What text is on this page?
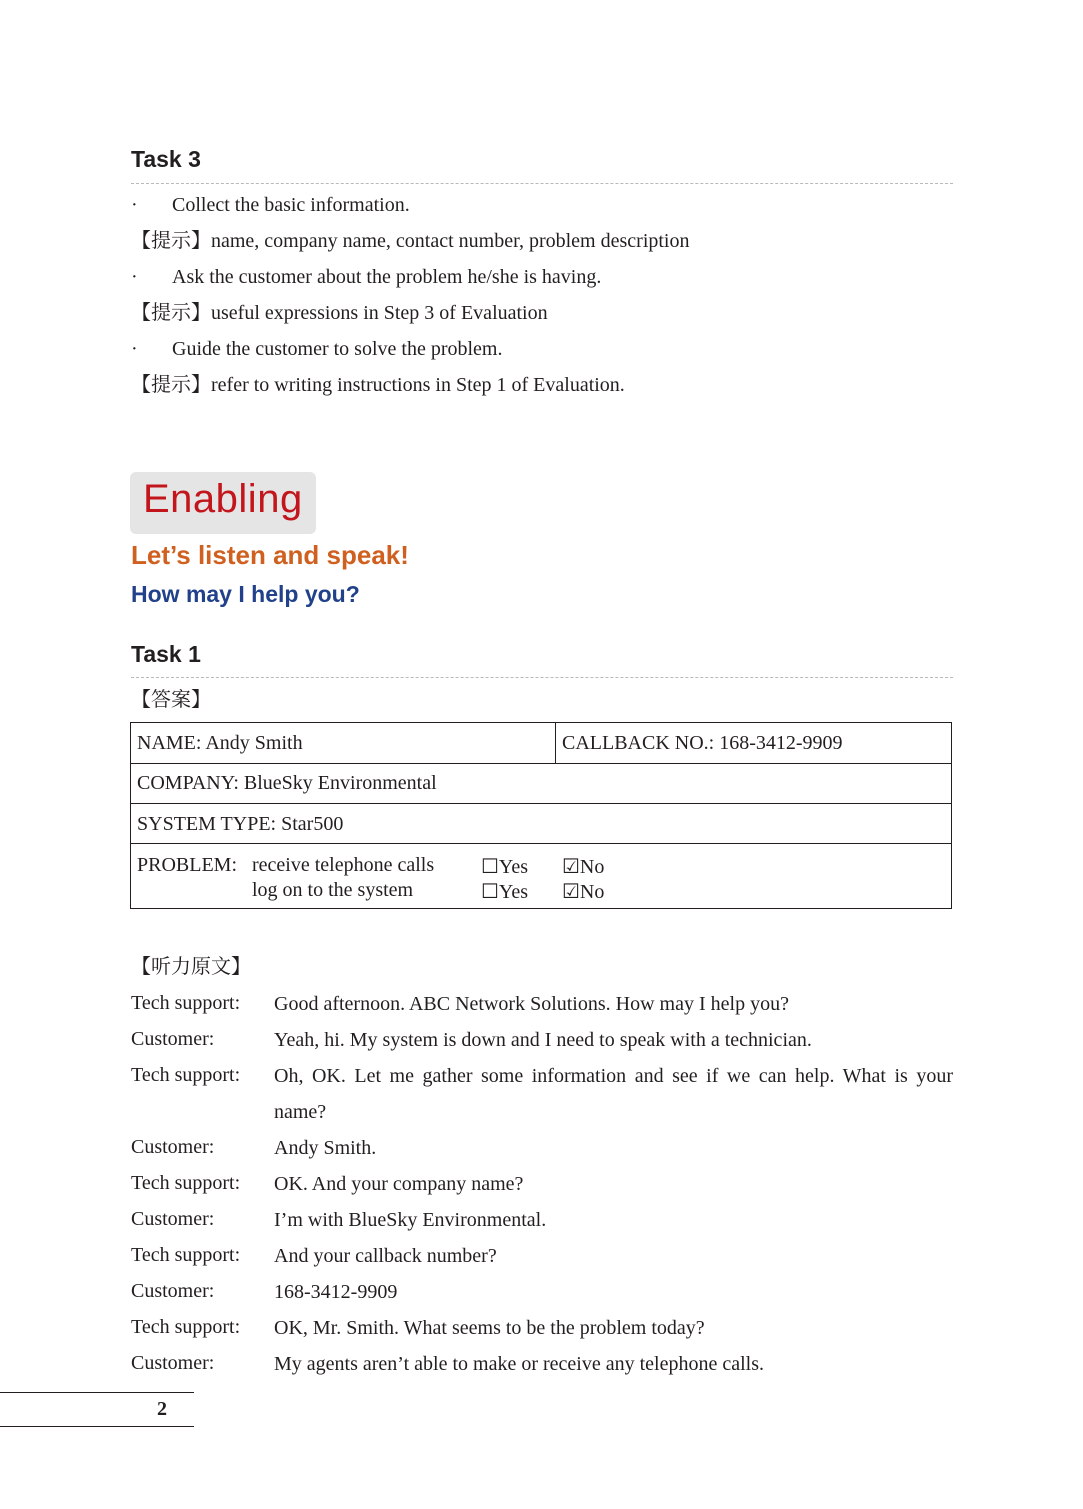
Task 3
· Collect the basic information.
【提示】name, company name, contact number, problem description
· Ask the customer about the problem he/she is having.
【提示】useful expressions in Step 3 of Evaluation
· Guide the customer to solve the problem.
【提示】refer to writing instructions in Step 1 of Evaluation.
Enabling
Let’s listen and speak!
How may I help you?
Task 1
【答案】
NAME: Andy Smith	CALLBACK NO.: 168-3412-9909
COMPANY: BlueSky Environmental
SYSTEM TYPE: Star500
PROBLEM: receive telephone calls ☐Yes ☑No
log on to the system	☐Yes ☑No
【听力原文】
Tech support: Good afternoon. ABC Network Solutions. How may I help you?
Customer:	Yeah, hi. My system is down and I need to speak with a technician.
Tech support: Oh, OK. Let me gather some information and see if we can help. What is your name?
Customer:	Andy Smith.
Tech support: OK. And your company name?
Customer:	I’m with BlueSky Environmental.
Tech support: And your callback number?
Customer:	168-3412-9909
Tech support: OK, Mr. Smith. What seems to be the problem today?
Customer:	My agents aren’t able to make or receive any telephone calls.
2
